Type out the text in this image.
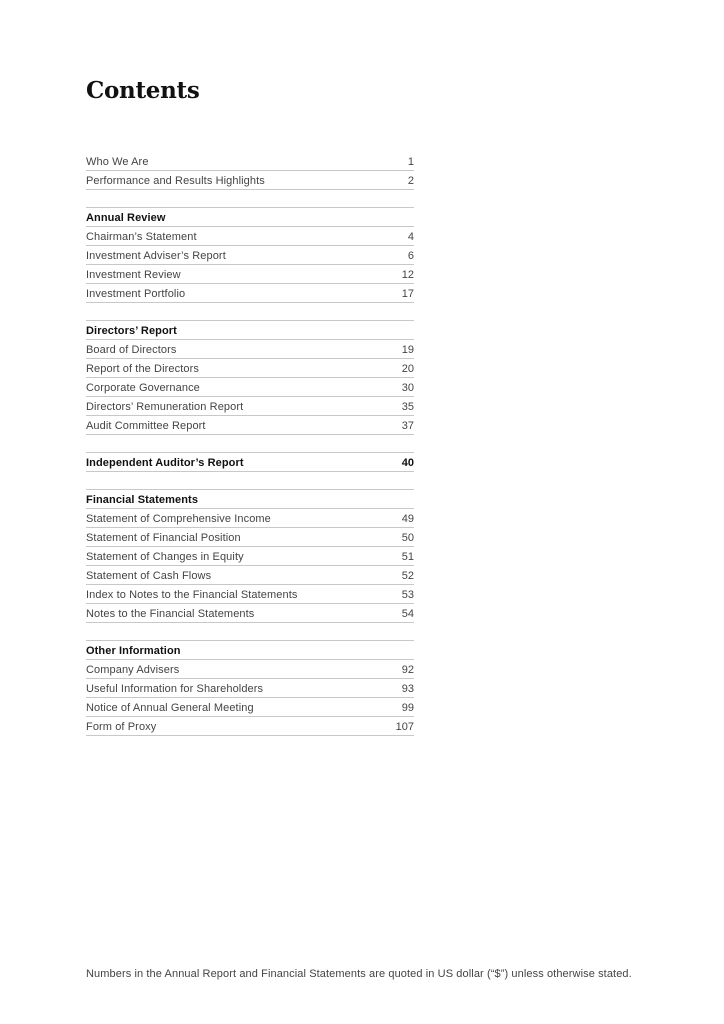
Contents
Who We Are	1
Performance and Results Highlights	2
Annual Review
Chairman’s Statement	4
Investment Adviser’s Report	6
Investment Review	12
Investment Portfolio	17
Directors’ Report
Board of Directors	19
Report of the Directors	20
Corporate Governance	30
Directors’ Remuneration Report	35
Audit Committee Report	37
Independent Auditor’s Report	40
Financial Statements
Statement of Comprehensive Income	49
Statement of Financial Position	50
Statement of Changes in Equity	51
Statement of Cash Flows	52
Index to Notes to the Financial Statements	53
Notes to the Financial Statements	54
Other Information
Company Advisers	92
Useful Information for Shareholders	93
Notice of Annual General Meeting	99
Form of Proxy	107
Numbers in the Annual Report and Financial Statements are quoted in US dollar (“$”) unless otherwise stated.
